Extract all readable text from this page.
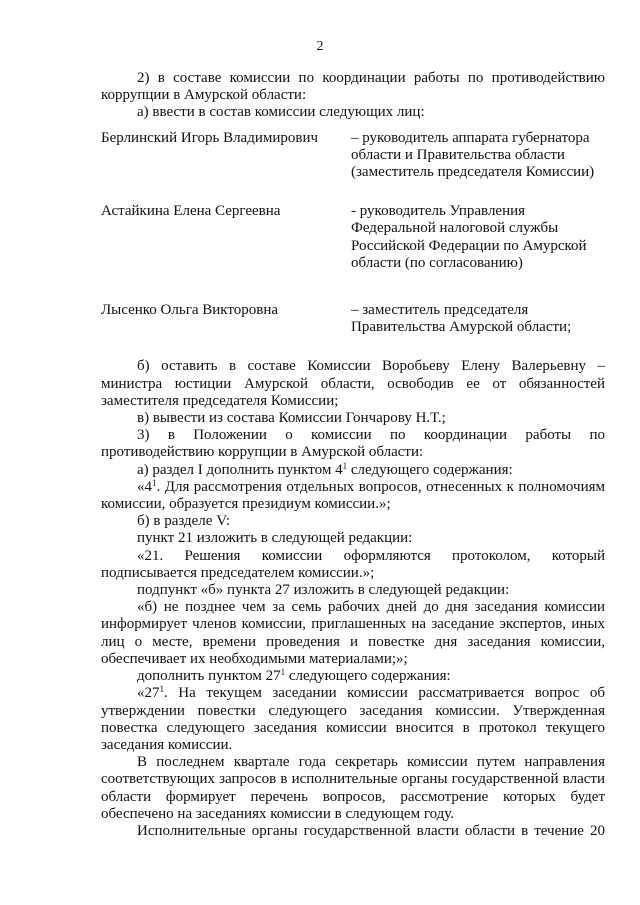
2

2) в составе комиссии по координации работы по противодействию коррупции в Амурской области:

а) ввести в состав комиссии следующих лиц:

Берлинский Игорь Владимирович	– руководитель аппарата губернатора области и Правительства области (заместитель председателя Комиссии)
Астайкина Елена Сергеевна	- руководитель Управления Федеральной налоговой службы Российской Федерации по Амурской области (по согласованию)
Лысенко Ольга Викторовна	– заместитель председателя Правительства Амурской области;

б) оставить в составе Комиссии Воробьеву Елену Валерьевну – министра юстиции Амурской области, освободив ее от обязанностей заместителя председателя Комиссии;

в) вывести из состава Комиссии Гончарову Н.Т.;

3) в Положении о комиссии по координации работы по противодействию коррупции в Амурской области:

а) раздел I дополнить пунктом $4^1$ следующего содержания:

«$4^1$. Для рассмотрения отдельных вопросов, отнесенных к полномочиям комиссии, образуется президиум комиссии.»;

б) в разделе V:

пункт 21 изложить в следующей редакции:

«21. Решения комиссии оформляются протоколом, который подписывается председателем комиссии.»;

подпункт «б» пункта 27 изложить в следующей редакции:

«б) не позднее чем за семь рабочих дней до дня заседания комиссии информирует членов комиссии, приглашенных на заседание экспертов, иных лиц о месте, времени проведения и повестке дня заседания комиссии, обеспечивает их необходимыми материалами;»;

дополнить пунктом $27^1$ следующего содержания:

«$27^1$. На текущем заседании комиссии рассматривается вопрос об утверждении повестки следующего заседания комиссии. Утвержденная повестка следующего заседания комиссии вносится в протокол текущего заседания комиссии.

В последнем квартале года секретарь комиссии путем направления соответствующих запросов в исполнительные органы государственной власти области формирует перечень вопросов, рассмотрение которых будет обеспечено на заседаниях комиссии в следующем году.

Исполнительные органы государственной власти области в течение 20
